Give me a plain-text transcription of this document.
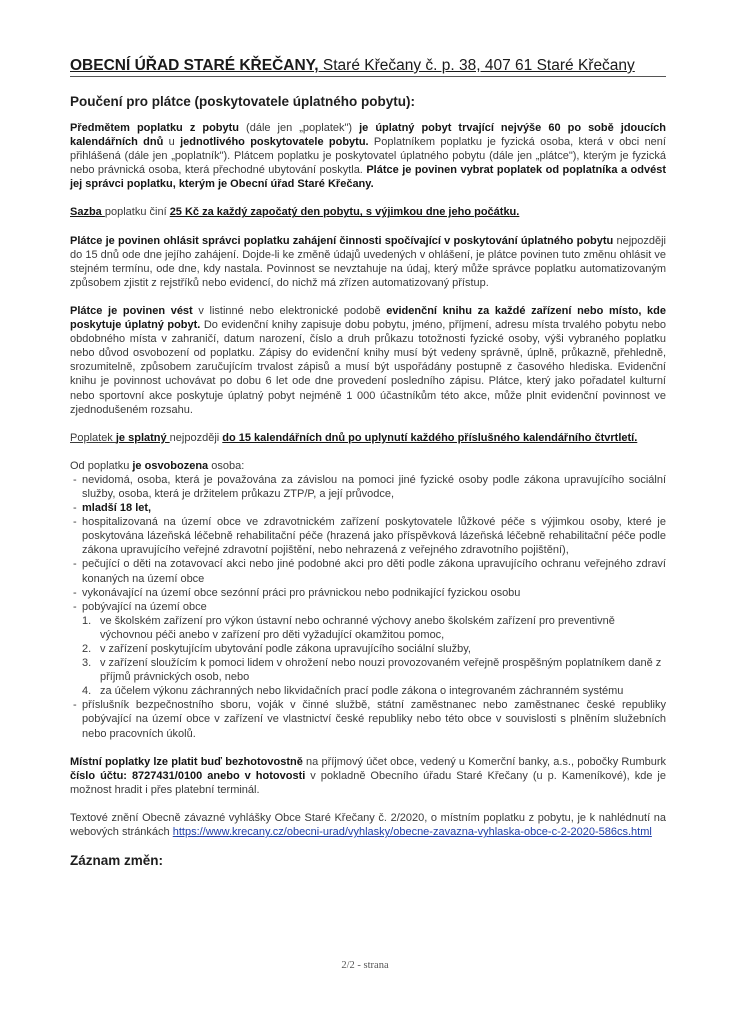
OBECNÍ ÚŘAD STARÉ KŘEČANY, Staré Křečany č. p. 38, 407 61 Staré Křečany
Poučení pro plátce (poskytovatele úplatného pobytu):

Předmětem poplatku z pobytu (dále jen „poplatek") je úplatný pobyt trvající nejvýše 60 po sobě jdoucích kalendářních dnů u jednotlivého poskytovatele pobytu. Poplatníkem poplatku je fyzická osoba, která v obci není přihlášená (dále jen „poplatník"). Plátcem poplatku je poskytovatel úplatného pobytu (dále jen „plátce"), kterým je fyzická nebo právnická osoba, která přechodné ubytování poskytla. Plátce je povinen vybrat poplatek od poplatníka a odvést jej správci poplatku, kterým je Obecní úřad Staré Křečany.

Sazba poplatku činí 25 Kč za každý započatý den pobytu, s výjimkou dne jeho počátku.

Plátce je povinen ohlásit správci poplatku zahájení činnosti spočívající v poskytování úplatného pobytu nejpozději do 15 dnů ode dne jejího zahájení. Dojde-li ke změně údajů uvedených v ohlášení, je plátce povinen tuto změnu ohlásit ve stejném termínu, ode dne, kdy nastala. Povinnost se nevztahuje na údaj, který může správce poplatku automatizovaným způsobem zjistit z rejstříků nebo evidencí, do nichž má zřízen automatizovaný přístup.

Plátce je povinen vést v listinné nebo elektronické podobě evidenční knihu za každé zařízení nebo místo, kde poskytuje úplatný pobyt. Do evidenční knihy zapisuje dobu pobytu, jméno, příjmení, adresu místa trvalého pobytu nebo obdobného místa v zahraničí, datum narození, číslo a druh průkazu totožnosti fyzické osoby, výši vybraného poplatku nebo důvod osvobození od poplatku. Zápisy do evidenční knihy musí být vedeny správně, úplně, průkazně, přehledně, srozumitelně, způsobem zaručujícím trvalost zápisů a musí být uspořádány postupně z časového hlediska. Evidenční knihu je povinnost uchovávat po dobu 6 let ode dne provedení posledního zápisu. Plátce, který jako pořadatel kulturní nebo sportovní akce poskytuje úplatný pobyt nejméně 1 000 účastníkům této akce, může plnit evidenční povinnost ve zjednodušeném rozsahu.

Poplatek je splatný nejpozději do 15 kalendářních dnů po uplynutí každého příslušného kalendářního čtvrtletí.

Od poplatku je osvobozena osoba:

- nevidomá, osoba, která je považována za závislou na pomoci jiné fyzické osoby podle zákona upravujícího sociální služby, osoba, která je držitelem průkazu ZTP/P, a její průvodce,
- mladší 18 let,
- hospitalizovaná na území obce ve zdravotnickém zařízení poskytovatele lůžkové péče s výjimkou osoby, které je poskytována lázeňská léčebně rehabilitační péče (hrazená jako příspěvková lázeňská léčebně rehabilitační péče podle zákona upravujícího veřejné zdravotní pojištění, nebo nehrazená z veřejného zdravotního pojištění),
- pečující o děti na zotavovací akci nebo jiné podobné akci pro děti podle zákona upravujícího ochranu veřejného zdraví konaných na území obce
- vykonávající na území obce sezónní práci pro právnickou nebo podnikající fyzickou osobu
- pobývající na území obce
1. ve školském zařízení pro výkon ústavní nebo ochranné výchovy anebo školském zařízení pro preventivně výchovnou péči anebo v zařízení pro děti vyžadující okamžitou pomoc,
2. v zařízení poskytujícím ubytování podle zákona upravujícího sociální služby,
3. v zařízení sloužícím k pomoci lidem v ohrožení nebo nouzi provozovaném veřejně prospěšným poplatníkem daně z příjmů právnických osob, nebo
4. za účelem výkonu záchranných nebo likvidačních prací podle zákona o integrovaném záchranném systému
- příslušník bezpečnostního sboru, voják v činné službě, státní zaměstnanec nebo zaměstnanec české republiky pobývající na území obce v zařízení ve vlastnictví české republiky nebo této obce v souvislosti s plněním služebních nebo pracovních úkolů.

Místní poplatky lze platit buď bezhotovostně na příjmový účet obce, vedený u Komerční banky, a.s., pobočky Rumburk číslo účtu: 8727431/0100 anebo v hotovosti v pokladně Obecního úřadu Staré Křečany (u p. Kameníkové), kde je možnost hradit i přes platební terminál.

Textové znění Obecně závazné vyhlášky Obce Staré Křečany č. 2/2020, o místním poplatku z pobytu, je k nahlédnutí na webových stránkách https://www.krecany.cz/obecni-urad/vyhlasky/obecne-zavazna-vyhlaska-obce-c-2-2020-586cs.html

Záznam změn:
2/2 - strana
